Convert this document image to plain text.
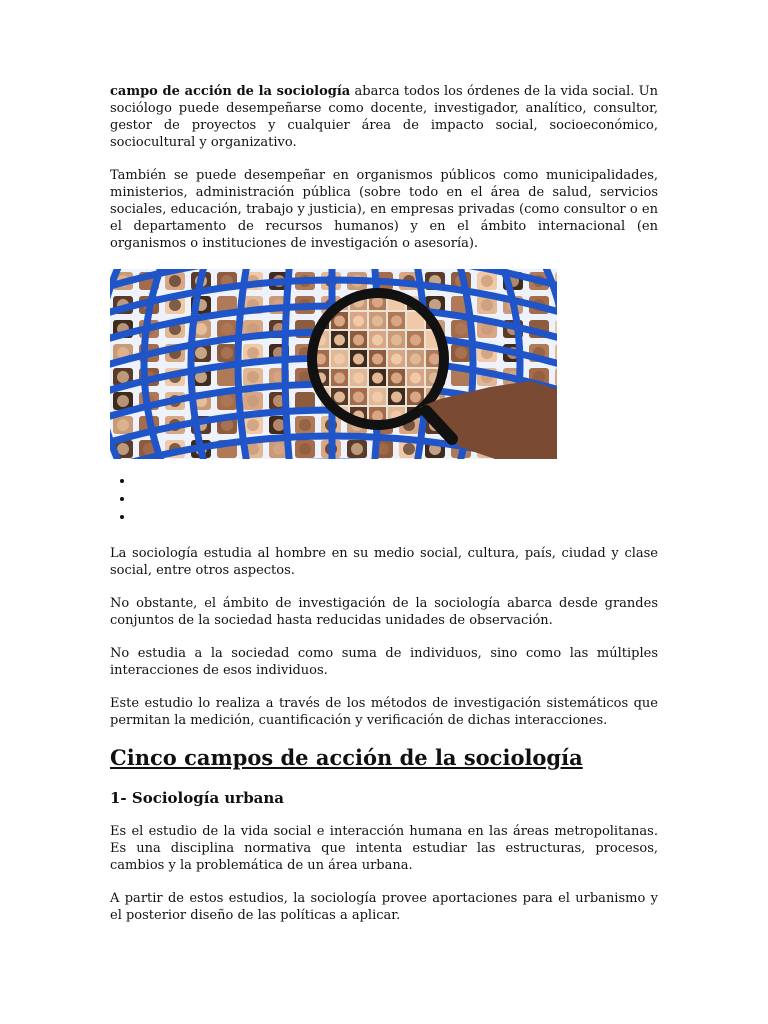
campo de acción de la sociología abarca todos los órdenes de la vida social. Un sociólogo puede desempeñarse como docente, investigador, analítico, consultor, gestor de proyectos y cualquier área de impacto social, socioeconómico, sociocultural y organizativo.

También se puede desempeñar en organismos públicos como municipalidades, ministerios, administración pública (sobre todo en el área de salud, servicios sociales, educación, trabajo y justicia), en empresas privadas (como consultor o en el departamento de recursos humanos) y en el ámbito internacional (en organismos o instituciones de investigación o asesoría).

•
•
•

La sociología estudia al hombre en su medio social, cultura, país, ciudad y clase social, entre otros aspectos.

No obstante, el ámbito de investigación de la sociología abarca desde grandes conjuntos de la sociedad hasta reducidas unidades de observación.

No estudia a la sociedad como suma de individuos, sino como las múltiples interacciones de esos individuos.

Este estudio lo realiza a través de los métodos de investigación sistemáticos que permitan la medición, cuantificación y verificación de dichas interacciones.

Cinco campos de acción de la sociología
1- Sociología urbana

Es el estudio de la vida social e interacción humana en las áreas metropolitanas. Es una disciplina normativa que intenta estudiar las estructuras, procesos, cambios y la problemática de un área urbana.

A partir de estos estudios, la sociología provee aportaciones para el urbanismo y el posterior diseño de las políticas a aplicar.
